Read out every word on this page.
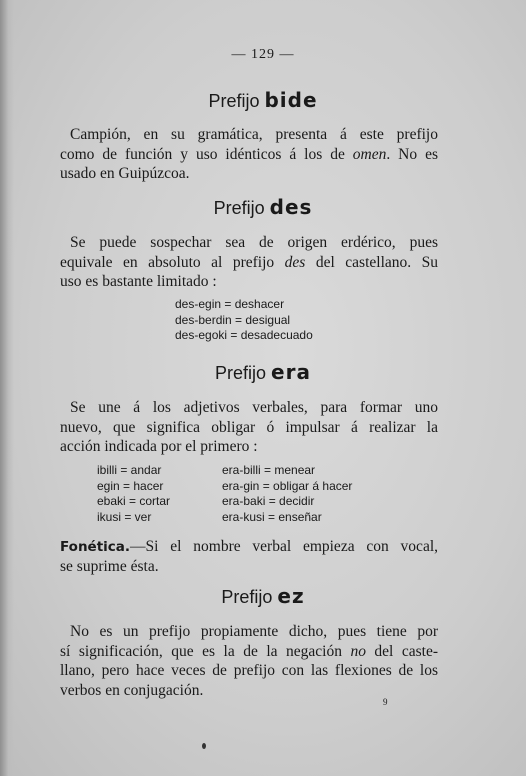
— 129 —
Prefijo bide
Campión, en su gramática, presenta á este prefijo
como de función y uso idénticos á los de omen. No es
usado en Guipúzcoa.
Prefijo des
Se puede sospechar sea de origen erdérico, pues
equivale en absoluto al prefijo des del castellano. Su
uso es bastante limitado :
des-egin = deshacer
des-berdin = desigual
des-egoki = desadecuado
Prefijo era
Se une á los adjetivos verbales, para formar uno
nuevo, que significa obligar ó impulsar á realizar la
acción indicada por el primero :
ibilli = andar
egin = hacer
ebaki = cortar
ikusi = ver
era-billi = menear
era-gin = obligar á hacer
era-baki = decidir
era-kusi = enseñar
Fonética.—Si el nombre verbal empieza con vocal,
se suprime ésta.
Prefijo ez
No es un prefijo propiamente dicho, pues tiene por
sí significación, que es la de la negación no del caste-
llano, pero hace veces de prefijo con las flexiones de los
verbos en conjugación.
9
